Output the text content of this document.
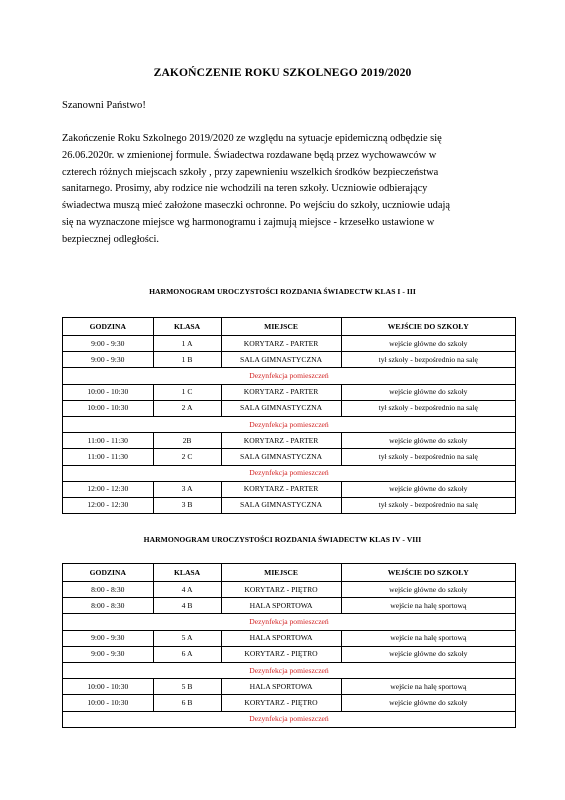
ZAKOŃCZENIE ROKU SZKOLNEGO 2019/2020
Szanowni Państwo!
Zakończenie Roku Szkolnego 2019/2020 ze względu na sytuacje epidemiczną odbędzie się
26.06.2020r. w zmienionej formule. Świadectwa rozdawane będą przez wychowawców w
czterech różnych miejscach szkoły , przy zapewnieniu wszelkich środków bezpieczeństwa
sanitarnego. Prosimy, aby rodzice nie wchodzili na teren szkoły. Uczniowie odbierający
świadectwa muszą mieć założone maseczki ochronne. Po wejściu do szkoły, uczniowie udają
się na wyznaczone miejsce wg harmonogramu i zajmują miejsce - krzesełko ustawione w
bezpiecznej odległości.
HARMONOGRAM UROCZYSTOŚCI ROZDANIA ŚWIADECTW KLAS I - III
GODZINA	KLASA	MIEJSCE	WEJŚCIE DO SZKOŁY
9:00 - 9:30	1 A	KORYTARZ - PARTER	wejście główne do szkoły
9:00 - 9:30	1 B	SALA GIMNASTYCZNA	tył szkoły - bezpośrednio na salę
Dezynfekcja pomieszczeń			
10:00 - 10:30	1 C	KORYTARZ - PARTER	wejście główne do szkoły
10:00 - 10:30	2 A	SALA GIMNASTYCZNA	tył szkoły - bezpośrednio na salę
Dezynfekcja pomieszczeń			
11:00 - 11:30	2B	KORYTARZ - PARTER	wejście główne do szkoły
11:00 - 11:30	2 C	SALA GIMNASTYCZNA	tył szkoły - bezpośrednio na salę
Dezynfekcja pomieszczeń			
12:00 - 12:30	3 A	KORYTARZ - PARTER	wejście główne do szkoły
12:00 - 12:30	3 B	SALA GIMNASTYCZNA	tył szkoły - bezpośrednio na salę
HARMONOGRAM UROCZYSTOŚCI ROZDANIA ŚWIADECTW KLAS IV - VIII
GODZINA	KLASA	MIEJSCE	WEJŚCIE DO SZKOŁY
8:00 - 8:30	4 A	KORYTARZ - PIĘTRO	wejście główne do szkoły
8:00 - 8:30	4 B	HALA SPORTOWA	wejście na halę sportową
Dezynfekcja pomieszczeń			
9:00 - 9:30	5 A	HALA SPORTOWA	wejście na halę sportową
9:00 - 9:30	6 A	KORYTARZ - PIĘTRO	wejście główne do szkoły
Dezynfekcja pomieszczeń			
10:00 - 10:30	5 B	HALA SPORTOWA	wejście na halę sportową
10:00 - 10:30	6 B	KORYTARZ - PIĘTRO	wejście główne do szkoły
Dezynfekcja pomieszczeń			
